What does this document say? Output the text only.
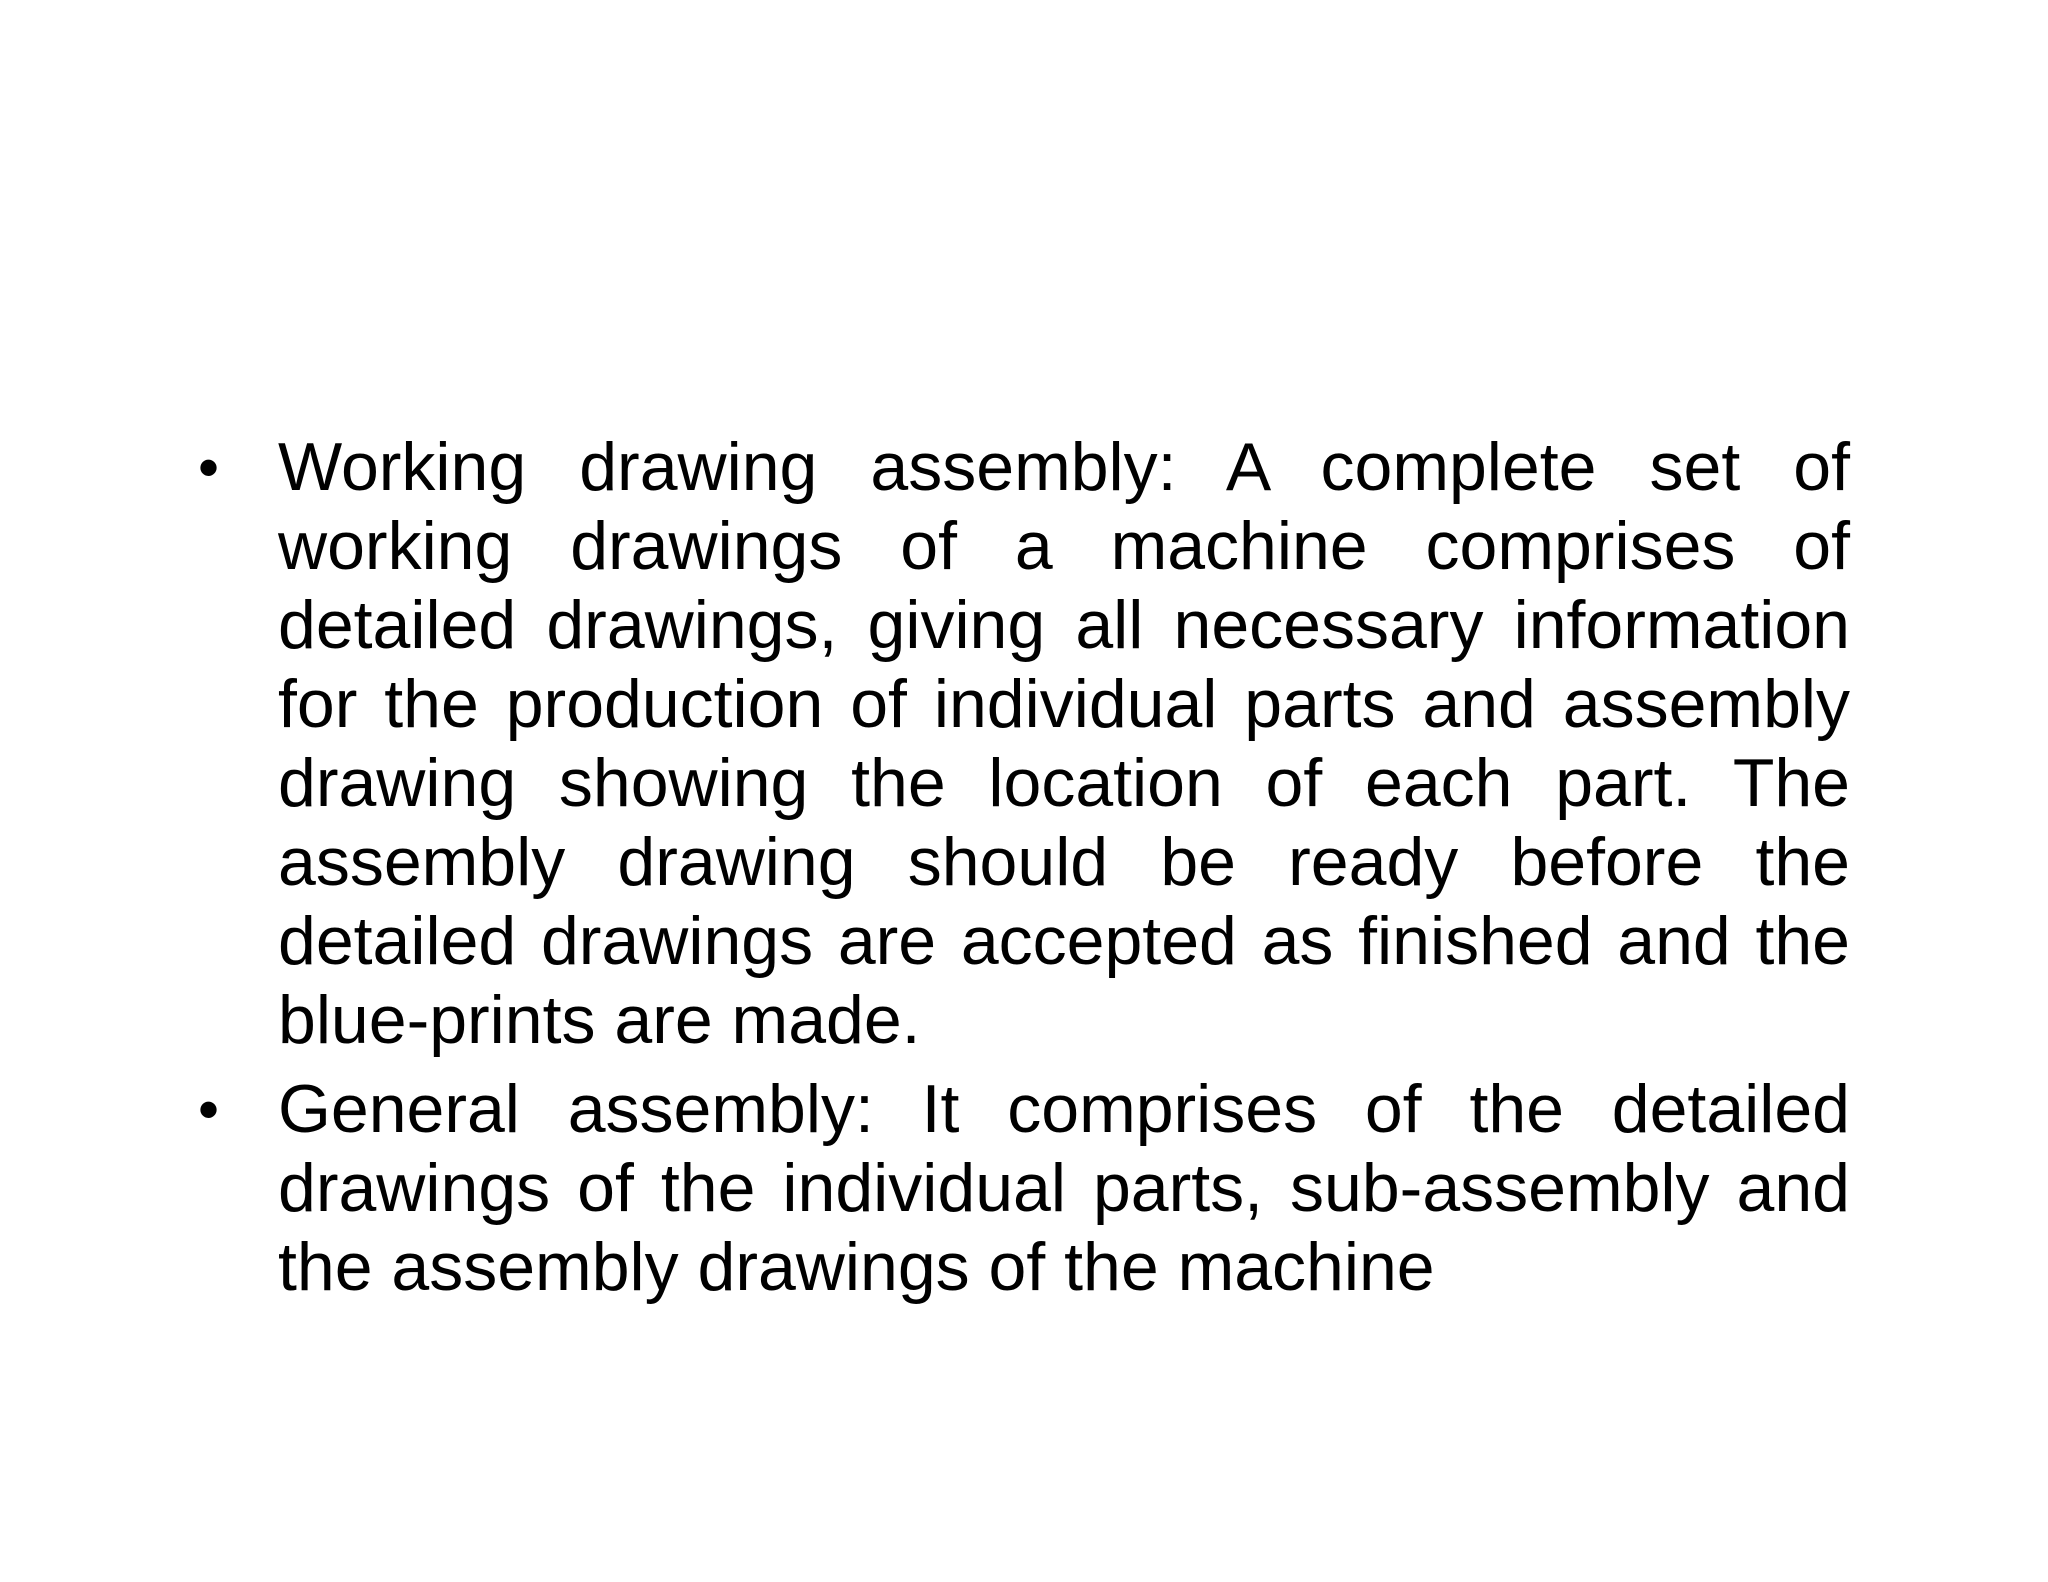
• Working drawing assembly: A complete set of working drawings of a machine comprises of detailed drawings, giving all necessary information for the production of individual parts and assembly drawing showing the location of each part. The assembly drawing should be ready before the detailed drawings are accepted as finished and the blue-prints are made.
• General assembly: It comprises of the detailed drawings of the individual parts, sub-assembly and the assembly drawings of the machine
